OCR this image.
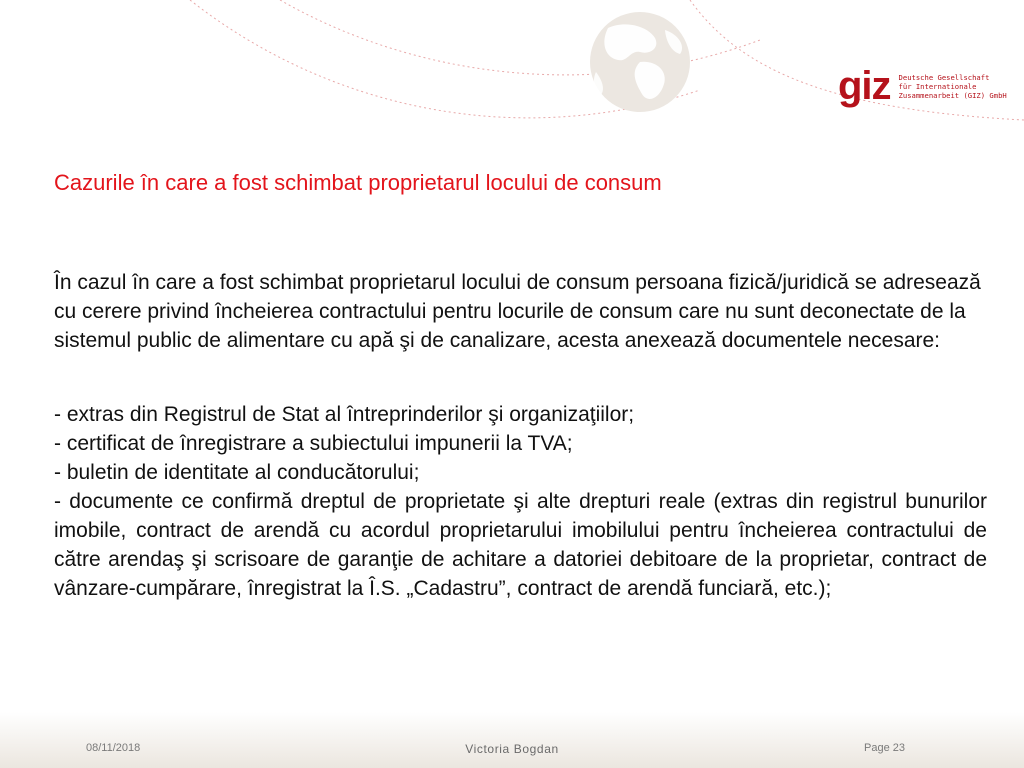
giz Deutsche Gesellschaft
für Internationale
Zusammenarbeit (GIZ) GmbH
Cazurile în care a fost schimbat proprietarul locului de consum
În cazul în care a fost schimbat proprietarul locului de consum persoana fizică/juridică se adresează cu cerere privind încheierea contractului pentru locurile de consum care nu sunt deconectate de la sistemul public de alimentare cu apă şi de canalizare, acesta anexează documentele necesare:
- extras din Registrul de Stat al întreprinderilor şi organizaţiilor;
- certificat de înregistrare a subiectului impunerii la TVA;
- buletin de identitate al conducătorului;
- documente ce confirmă dreptul de proprietate şi alte drepturi reale (extras din registrul bunurilor imobile, contract de arendă cu acordul proprietarului imobilului pentru încheierea contractului de către arendaş şi scrisoare de garanţie de achitare a datoriei debitoare de la proprietar, contract de vânzare-cumpărare, înregistrat la Î.S. „Cadastru”, contract de arendă funciară, etc.);
08/11/2018	Victoria Bogdan	Page 23
